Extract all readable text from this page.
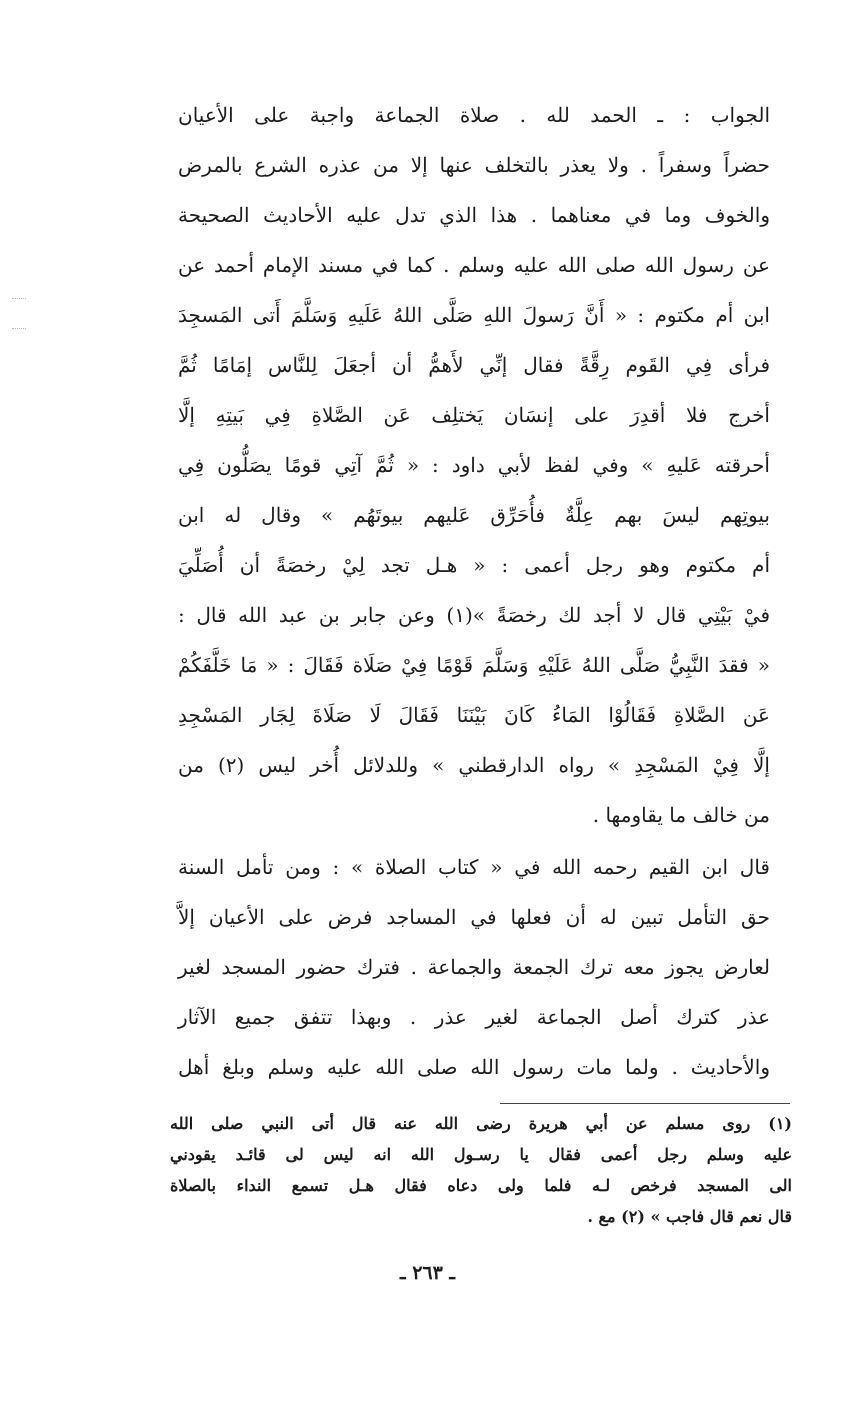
الجواب : ـ الحمد لله . صلاة الجماعة واجبة على الأعيان
حضراً وسفراً . ولا يعذر بالتخلف عنها إلا من عذره الشرع بالمرض
والخوف وما في معناهما . هذا الذي تدل عليه الأحاديث الصحيحة
عن رسول الله صلى الله عليه وسلم . كما في مسند الإمام أحمد عن
ابن أم مكتوم : « أَنَّ رَسولَ اللهِ صَلَّى اللهُ عَلَيهِ وَسَلَّمَ أَتى المَسجِدَ
فرأى فِي القَوم رِقَّةً فقال إنِّي لأَهمُّ أن أجعَلَ لِلنَّاس إمَامًا ثُمَّ
أخرج فلا أقدِرَ على إنسَان يَختلِف عَن الصَّلاةِ فِي بَيتِهِ إلَّا
أحرقته عَليهِ » وفي لفظ لأبي داود : « ثُمَّ آتِي قومًا يصَلُّون فِي
بيوتِهم ليسَ بهم عِلَّةٌ فأُحَرِّق عَليهم بيوتَهُم » وقال له ابن
أم مكتوم وهو رجل أعمى : « هـل تجد لِيْ رخصَةً أن أُصَلِّيَ
فيْ بَيْتِي قال لا أجد لك رخصَةً »(١) وعن جابر بن عبد الله قال :
« فقدَ النَّبِيُّ صَلَّى اللهُ عَلَيْهِ وَسَلَّمَ قَوْمًا فِيْ صَلَاة فَقَالَ : « مَا خَلَّفَكُمْ
عَن الصَّلاةِ فَقَالُوْا المَاءُ كَانَ بَيْنَنَا فَقَالَ لَا صَلَاةَ لِجَار المَسْجِدِ
إلَّا فِيْ المَسْجِدِ » رواه الدارقطني » وللدلائل أُخر ليس (٢) من
من خالف ما يقاومها .
قال ابن القيم رحمه الله في « كتاب الصلاة » : ومن تأمل السنة
حق التأمل تبين له أن فعلها في المساجد فرض على الأعيان إلاَّ
لعارض يجوز معه ترك الجمعة والجماعة . فترك حضور المسجد لغير
عذر كترك أصل الجماعة لغير عذر . وبهذا تتفق جميع الآثار
والأحاديث . ولما مات رسول الله صلى الله عليه وسلم وبلغ أهل
(١) روى مسلم عن أبي هريرة رضى الله عنه قال أتى النبي صلى الله
عليه وسلم رجل أعمى فقال يا رسـول الله انه ليس لى قائـد يقودني
الى المسجد فرخص لـه فلما ولى دعاه فقال هـل تسمع النداء بالصلاة
قال نعم قال فاجب » (٢) مع .
ـ ٢٦٣ ـ
